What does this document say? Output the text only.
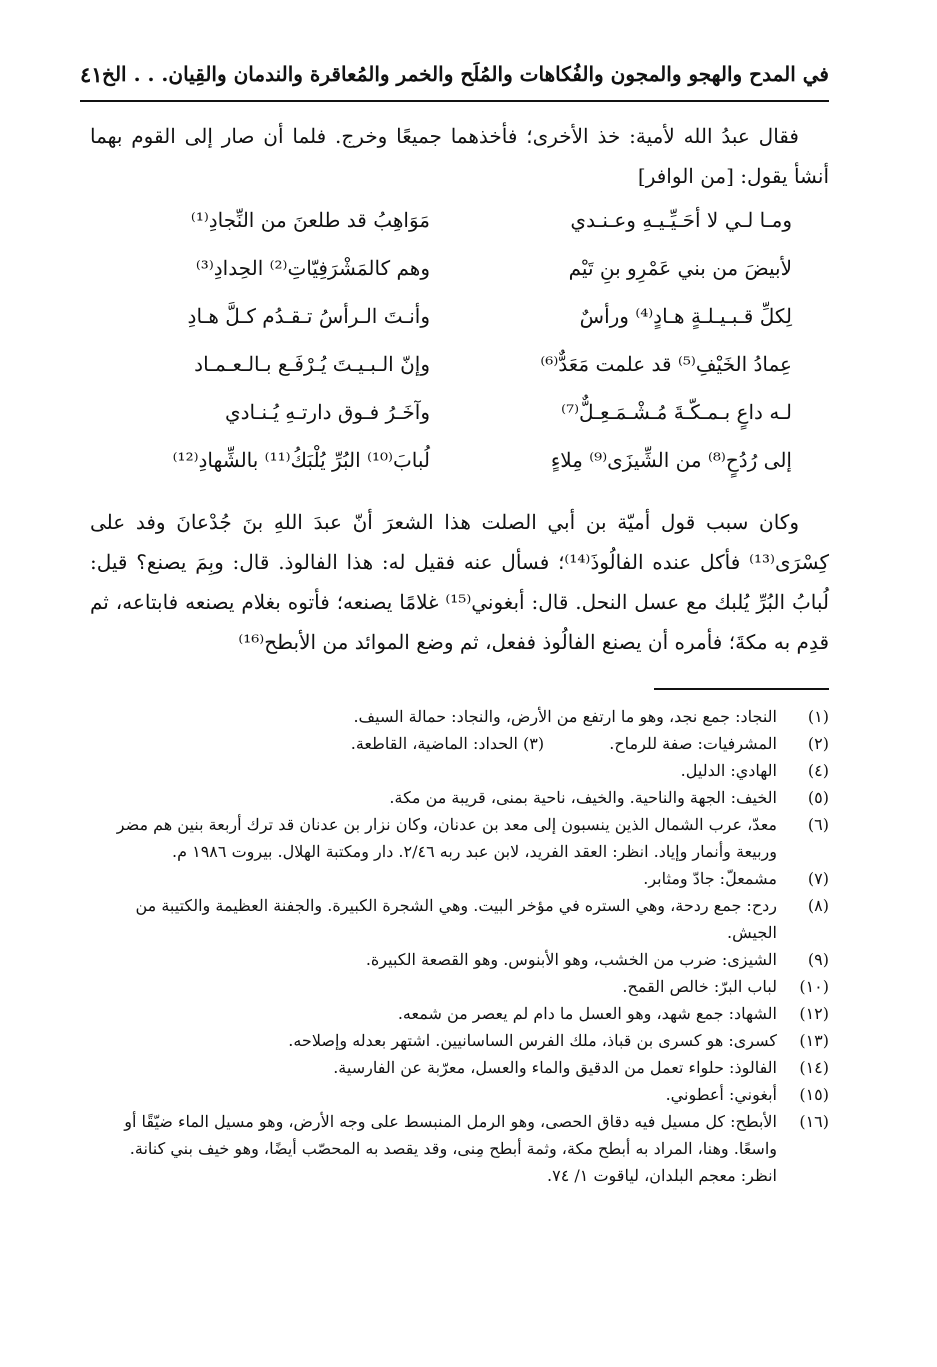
في المدح والهجو والمجون والفُكاهات والمُلَح والخمر والمُعاقرة والندمان والقِيان. . . الخ
٤١

فقال عبدُ الله لأمية: خذ الأخرى؛ فأخذهما جميعًا وخرج. فلما أن صار إلى القوم بهما أنشأ يقول: [من الوافر]

ومـا لـي لا أحَـيِّـيـهِ وعـنـدي
مَوَاهِبُ قد طلعنَ من النِّجادِ⁽¹⁾
لأبيضَ من بني عَمْرِو بنِ تَيْم
وهم كالمَشْرَفِيّاتِ⁽²⁾ الحِدادِ⁽³⁾
لِكلِّ قـبـيـلـةٍ هـادٍ⁽⁴⁾ ورأسٌ
وأنـتَ الـرأسُ تـقـدُم كـلَّ هـادِ
عِمادُ الخَيْفِ⁽⁵⁾ قد علمت مَعَدٌّ⁽⁶⁾
وإنّ الـبـيـتَ يُـرْفَـع بـالـعـمـاد
لـه داعٍ بـمـكّـةَ مُـشْـمَـعِـلٌّ⁽⁷⁾
وآخَـرُ فـوق دارتـهِ يُـنـادي
إلى رُدُحٍ⁽⁸⁾ من الشِّيزَى⁽⁹⁾ مِلاءٍ
لُبابَ⁽¹⁰⁾ البُرِّ يُلْبَكُ⁽¹¹⁾ بالشِّهادِ⁽¹²⁾

وكان سبب قول أميّة بن أبي الصلت هذا الشعرَ أنّ عبدَ اللهِ بنَ جُدْعانَ وفد على كِسْرَى⁽¹³⁾ فأكل عنده الفالُوذَ⁽¹⁴⁾؛ فسأل عنه فقيل له: هذا الفالوذ. قال: وبِمَ يصنع؟ قيل: لُبابُ البُرِّ يُلبك مع عسل النحل. قال: أبغوني⁽¹⁵⁾ غلامًا يصنعه؛ فأتوه بغلام يصنعه فابتاعه، ثم قدِم به مكةَ؛ فأمره أن يصنع الفالُوذ ففعل، ثم وضع الموائد من الأبطح⁽¹⁶⁾

(١)
النجاد: جمع نجد، وهو ما ارتفع من الأرض، والنجاد: حمالة السيف.
(٢)
المشرفيات: صفة للرماح. (٣) الحداد: الماضية، القاطعة.
(٤)
الهادي: الدليل.
(٥)
الخيف: الجهة والناحية. والخيف، ناحية بمنى، قريبة من مكة.
(٦)
معدّ، عرب الشمال الذين ينسبون إلى معد بن عدنان، وكان نزار بن عدنان قد ترك أربعة بنين هم مضر وربيعة وأنمار وإياد. انظر: العقد الفريد، لابن عبد ربه ٢/٤٦. دار ومكتبة الهلال. بيروت ١٩٨٦ م.
(٧)
مشمعلّ: جادّ ومثابر.
(٨)
ردح: جمع ردحة، وهي الستره في مؤخر البيت. وهي الشجرة الكبيرة. والجفنة العظيمة والكتيبة من الجيش.
(٩)
الشيزى: ضرب من الخشب، وهو الأبنوس. وهو القصعة الكبيرة.
(١٠)
لباب البرّ: خالص القمح.
(١٢)
الشهاد: جمع شهد، وهو العسل ما دام لم يعصر من شمعه.
(١٣)
كسرى: هو كسرى بن قباذ، ملك الفرس الساسانيين. اشتهر بعدله وإصلاحه.
(١٤)
الفالوذ: حلواء تعمل من الدقيق والماء والعسل، معرّبة عن الفارسية.
(١٥)
أبغوني: أعطوني.
(١٦)
الأبطح: كل مسيل فيه دقاق الحصى، وهو الرمل المنبسط على وجه الأرض، وهو مسيل الماء ضيّقًا أو واسعًا. وهنا، المراد به أبطح مكة، وثمة أبطح مِنى، وقد يقصد به المحصّب أيضًا، وهو خيف بني كنانة. انظر: معجم البلدان، لياقوت ١/ ٧٤.
